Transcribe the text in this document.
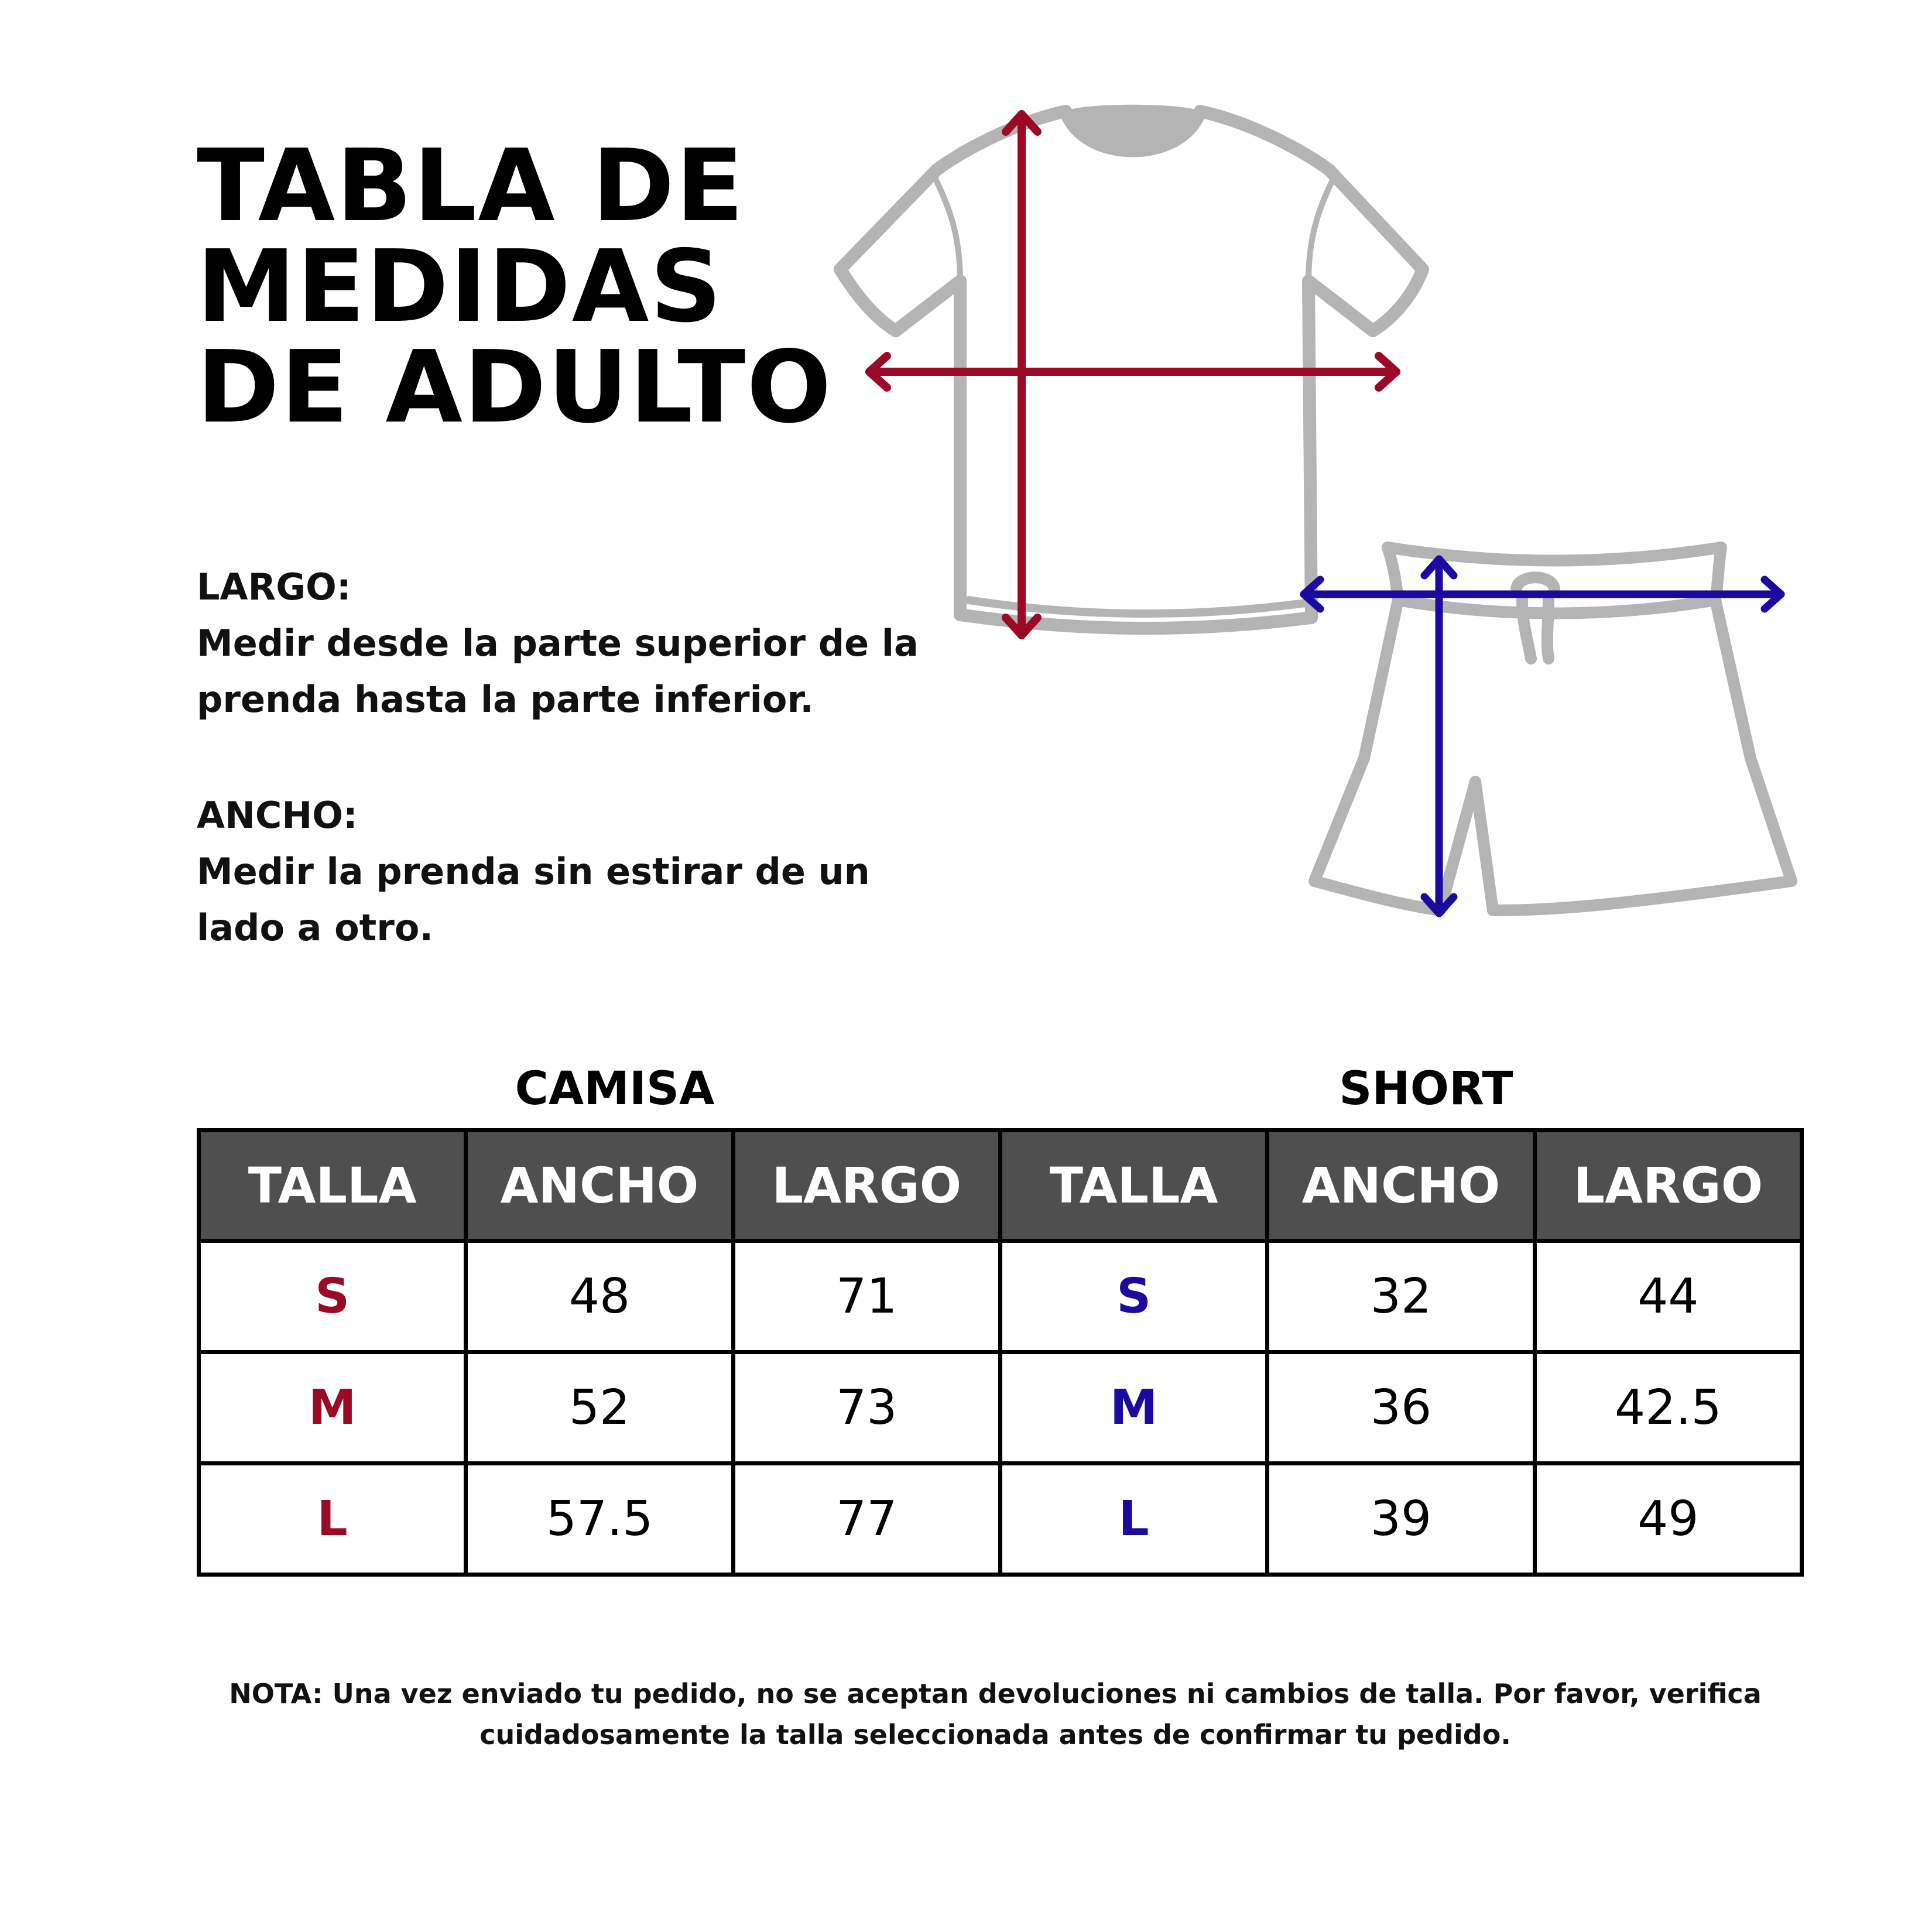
TABLA DE
MEDIDAS
DE ADULTO
LARGO:
Medir desde la parte superior de la prenda hasta la parte inferior.
ANCHO:
Medir la prenda sin estirar de un lado a otro.
CAMISA	SHORT
TALLA	ANCHO	LARGO	TALLA	ANCHO	LARGO
S	48	71	S	32	44
M	52	73	M	36	42.5
L	57.5	77	L	39	49
NOTA: Una vez enviado tu pedido, no se aceptan devoluciones ni cambios de talla. Por favor, verifica
cuidadosamente la talla seleccionada antes de confirmar tu pedido.
